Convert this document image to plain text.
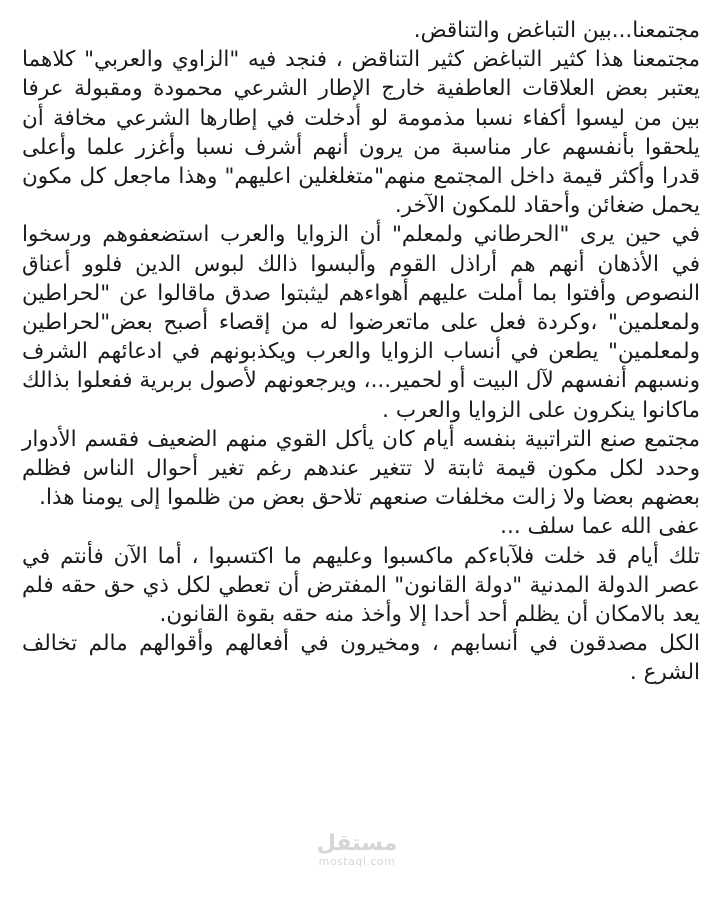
مجتمعنا...بين التباغض والتناقض.

مجتمعنا هذا كثير التباغض كثير التناقض ، فنجد فيه "الزاوي والعربي" كلاهما يعتبر بعض العلاقات العاطفية خارج الإطار الشرعي محمودة ومقبولة عرفا بين من ليسوا أكفاء نسبا مذمومة لو أدخلت في إطارها الشرعي مخافة أن يلحقوا بأنفسهم عار مناسبة من يرون أنهم أشرف نسبا وأغزر علما وأعلى قدرا وأكثر قيمة داخل المجتمع منهم"متغلغلين اعليهم" وهذا ماجعل كل مكون يحمل ضغائن وأحقاد للمكون الآخر.

في حين يرى "الحرطاني ولمعلم" أن الزوايا والعرب استضعفوهم ورسخوا في الأذهان أنهم هم أراذل القوم وألبسوا ذالك لبوس الدين فلوو أعناق النصوص وأفتوا بما أملت عليهم أهواءهم ليثبتوا صدق ماقالوا عن "لحراطين ولمعلمين" ،وكردة فعل على ماتعرضوا له من إقصاء أصبح بعض"لحراطين ولمعلمين" يطعن في أنساب الزوايا والعرب ويكذبونهم في ادعائهم الشرف ونسبهم أنفسهم لآل البيت أو لحمير...، ويرجعونهم لأصول بربرية ففعلوا بذالك ماكانوا ينكرون على الزوايا والعرب .

مجتمع صنع التراتبية بنفسه أيام كان يأكل القوي منهم الضعيف فقسم الأدوار وحدد لكل مكون قيمة ثابتة لا تتغير عندهم رغم تغير أحوال الناس فظلم بعضهم بعضا ولا زالت مخلفات صنعهم تلاحق بعض من ظلموا إلى يومنا هذا.

عفى الله عما سلف ...

تلك أيام قد خلت فلآباءكم ماكسبوا وعليهم ما اكتسبوا ، أما الآن فأنتم في عصر الدولة المدنية "دولة القانون" المفترض أن تعطي لكل ذي حق حقه فلم يعد بالامكان أن يظلم أحد أحدا إلا وأخذ منه حقه بقوة القانون.

الكل مصدقون في أنسابهم ، ومخيرون في أفعالهم وأقوالهم مالم تخالف الشرع .

مستقل
mostaql.com
